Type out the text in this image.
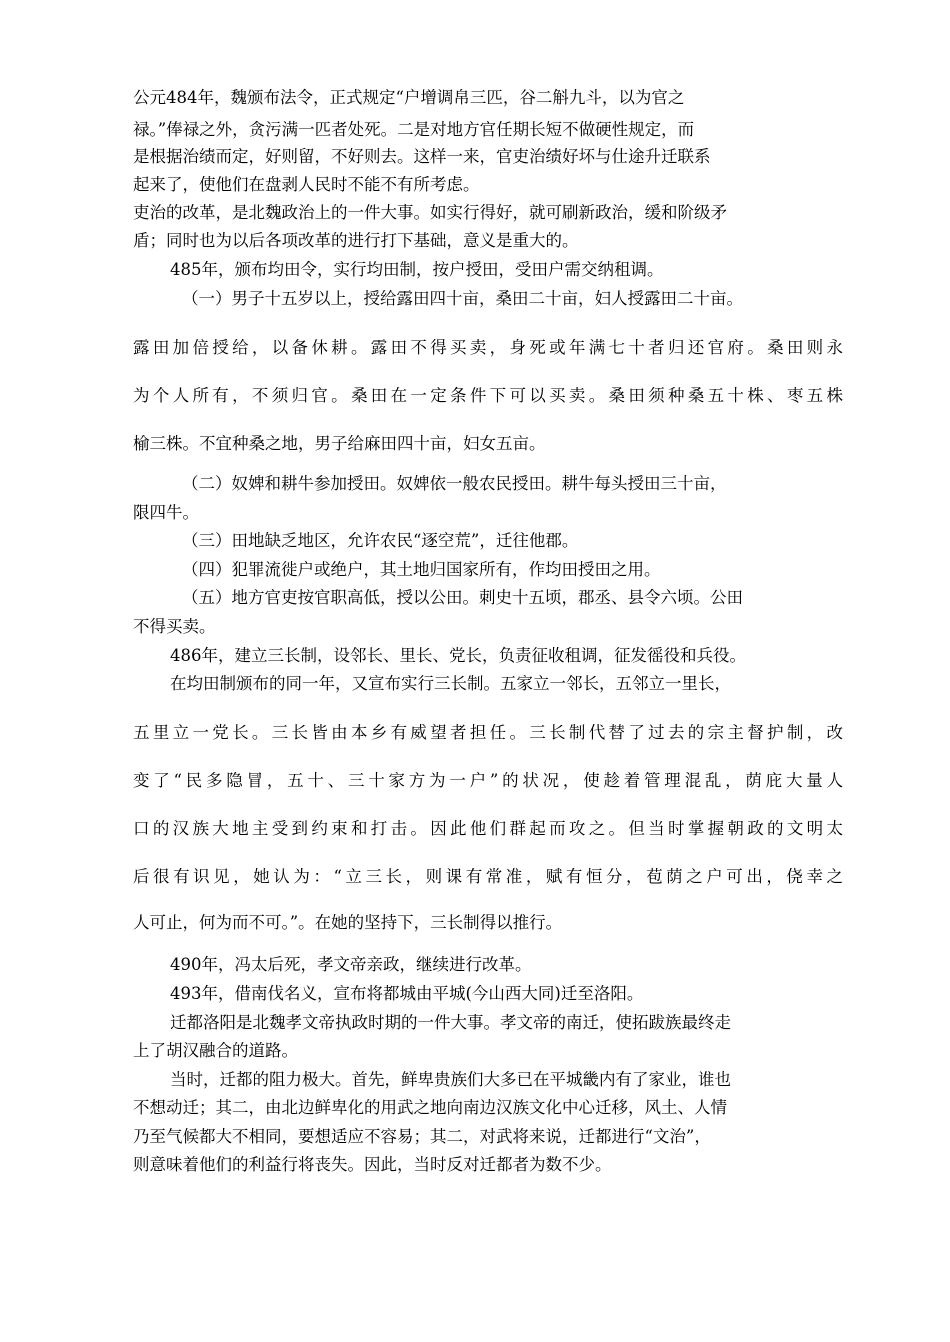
公元484年，魏颁布法令，正式规定“户增调帛三匹，谷二斛九斗，以为官之

禄。”俸禄之外，贪污满一匹者处死。二是对地方官任期长短不做硬性规定，而

是根据治绩而定，好则留，不好则去。这样一来，官吏治绩好坏与仕途升迁联系

起来了，使他们在盘剥人民时不能不有所考虑。

吏治的改革，是北魏政治上的一件大事。如实行得好，就可刷新政治，缓和阶级矛

盾；同时也为以后各项改革的进行打下基础，意义是重大的。

485年，颁布均田令，实行均田制，按户授田，受田户需交纳租调。

（一）男子十五岁以上，授给露田四十亩，桑田二十亩，妇人授露田二十亩。

露田加倍授给，以备休耕。露田不得买卖，身死或年满七十者归还官府。桑田则永

为个人所有，不须归官。桑田在一定条件下可以买卖。桑田须种桑五十株、枣五株

榆三株。不宜种桑之地，男子给麻田四十亩，妇女五亩。

（二）奴婢和耕牛参加授田。奴婢依一般农民授田。耕牛每头授田三十亩，

限四牛。

（三）田地缺乏地区，允许农民“逐空荒”，迁往他郡。

（四）犯罪流徙户或绝户，其土地归国家所有，作均田授田之用。

（五）地方官吏按官职高低，授以公田。刺史十五顷，郡丞、县令六顷。公田

不得买卖。

486年，建立三长制，设邻长、里长、党长，负责征收租调，征发徭役和兵役。

在均田制颁布的同一年，又宣布实行三长制。五家立一邻长，五邻立一里长，

五里立一党长。三长皆由本乡有威望者担任。三长制代替了过去的宗主督护制，改

变了“民多隐冒，五十、三十家方为一户”的状况，使趁着管理混乱，荫庇大量人

口的汉族大地主受到约束和打击。因此他们群起而攻之。但当时掌握朝政的文明太

后很有识见，她认为：“立三长，则课有常准，赋有恒分，苞荫之户可出，侥幸之

人可止，何为而不可。”。在她的坚持下，三长制得以推行。

490年，冯太后死，孝文帝亲政，继续进行改革。

493年，借南伐名义，宣布将都城由平城(今山西大同)迁至洛阳。

迁都洛阳是北魏孝文帝执政时期的一件大事。孝文帝的南迁，使拓跋族最终走

上了胡汉融合的道路。

当时，迁都的阻力极大。首先，鲜卑贵族们大多已在平城畿内有了家业，谁也

不想动迁；其二，由北边鲜卑化的用武之地向南边汉族文化中心迁移，风土、人情

乃至气候都大不相同，要想适应不容易；其二，对武将来说，迁都进行“文治”，

则意味着他们的利益行将丧失。因此，当时反对迁都者为数不少。
